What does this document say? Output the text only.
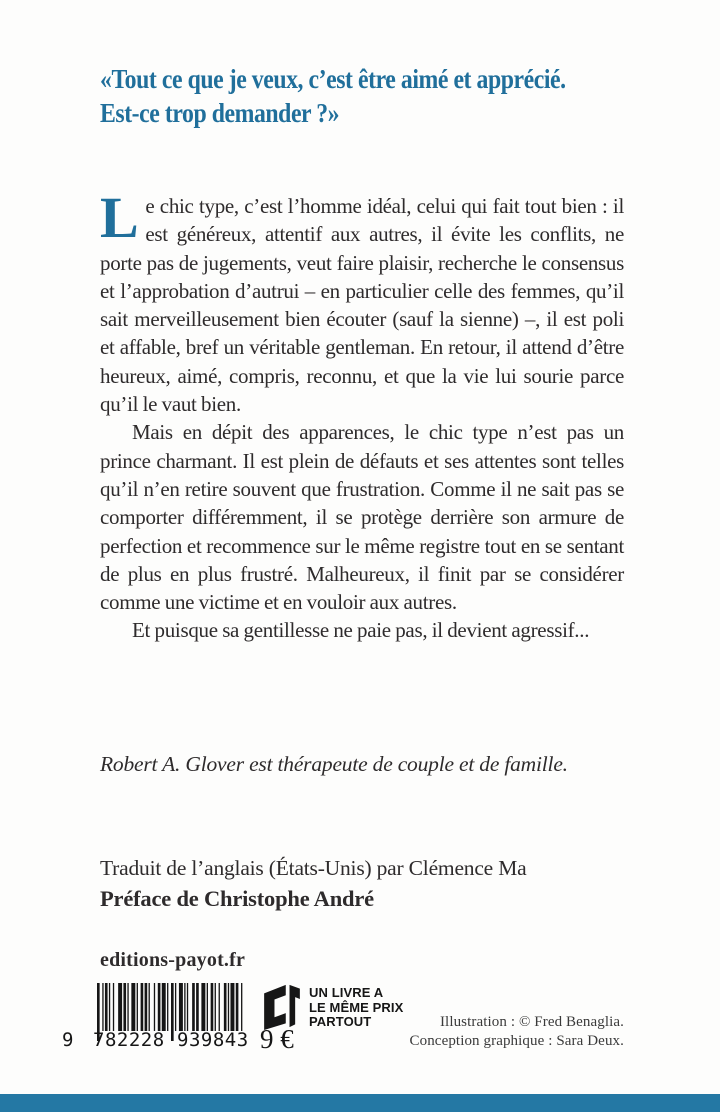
«Tout ce que je veux, c’est être aimé et apprécié.
Est-ce trop demander ?»

Le chic type, c’est l’homme idéal, celui qui fait tout bien : il est généreux, attentif aux autres, il évite les conflits, ne porte pas de jugements, veut faire plaisir, recherche le consensus et l’approbation d’autrui – en particulier celle des femmes, qu’il sait merveilleusement bien écouter (sauf la sienne) –, il est poli et affable, bref un véritable gentleman. En retour, il attend d’être heureux, aimé, compris, reconnu, et que la vie lui sourie parce qu’il le vaut bien.

Mais en dépit des apparences, le chic type n’est pas un prince charmant. Il est plein de défauts et ses attentes sont telles qu’il n’en retire souvent que frustration. Comme il ne sait pas se comporter différemment, il se protège derrière son armure de perfection et recommence sur le même registre tout en se sentant de plus en plus frustré. Malheureux, il finit par se considérer comme une victime et en vouloir aux autres.

Et puisque sa gentillesse ne paie pas, il devient agressif...

Robert A. Glover est thérapeute de couple et de famille.
Traduit de l’anglais (États-Unis) par Clémence Ma
Préface de Christophe André
editions-payot.fr
9 782228 939843
UN LIVRE A
LE MÊME PRIX
PARTOUT
9 €
Illustration : © Fred Benaglia.
Conception graphique : Sara Deux.
